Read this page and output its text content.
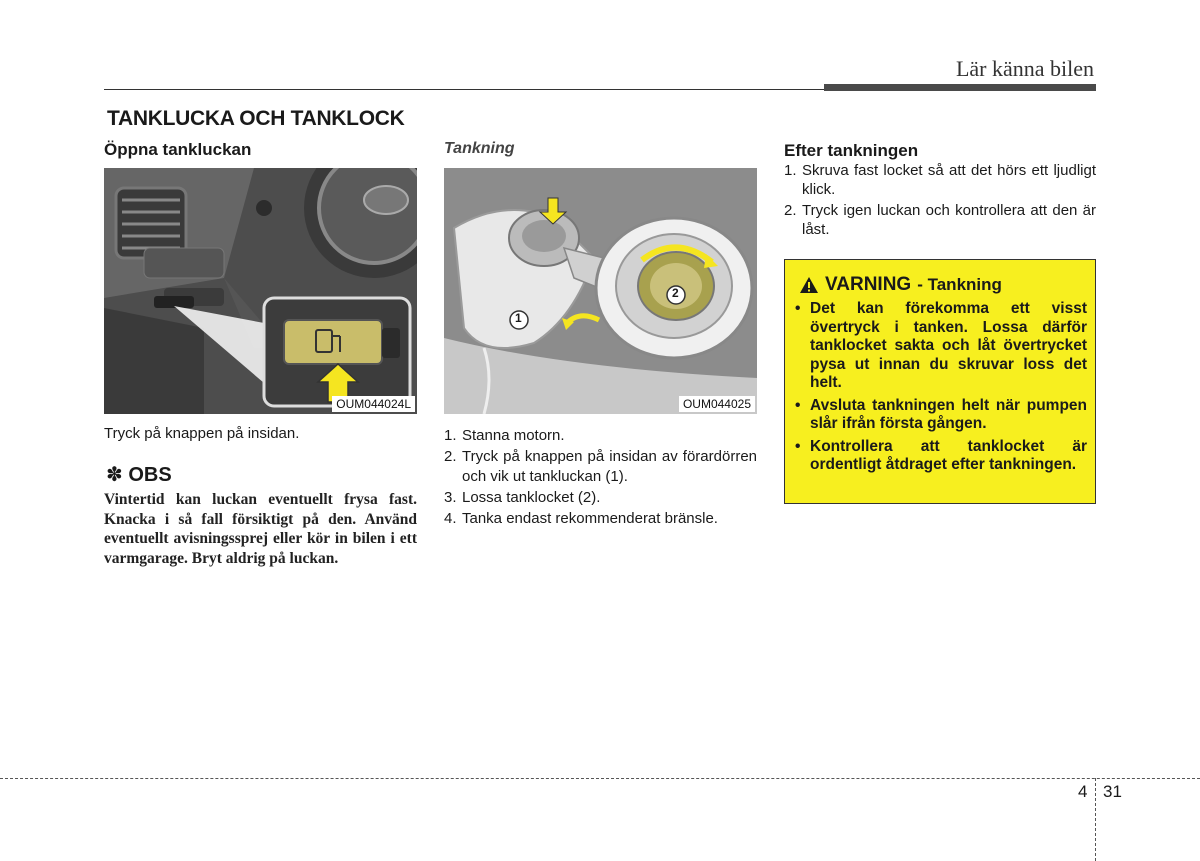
Lär känna bilen
TANKLUCKA OCH TANKLOCK
Öppna tankluckan
OUM044024L
Tryck på knappen på insidan.
✽ OBS
Vintertid kan luckan eventuellt frysa fast. Knacka i så fall försiktigt på den. Använd eventuellt avisningssprej eller kör in bilen i ett varmgarage. Bryt aldrig på luckan.
Tankning
1
2
OUM044025
1. Stanna motorn.
2. Tryck på knappen på insidan av förardörren och vik ut tankluckan (1).
3. Lossa tanklocket (2).
4. Tanka endast rekommenderat bränsle.
Efter tankningen
1. Skruva fast locket så att det hörs ett ljudligt klick.
2. Tryck igen luckan och kontrollera att den är låst.
VARNING - Tankning
• Det kan förekomma ett visst övertryck i tanken. Lossa därför tanklocket sakta och låt övertrycket pysa ut innan du skruvar loss det helt.
• Avsluta tankningen helt när pumpen slår ifrån första gången.
• Kontrollera att tanklocket är ordentligt åtdraget efter tankningen.
4 31
